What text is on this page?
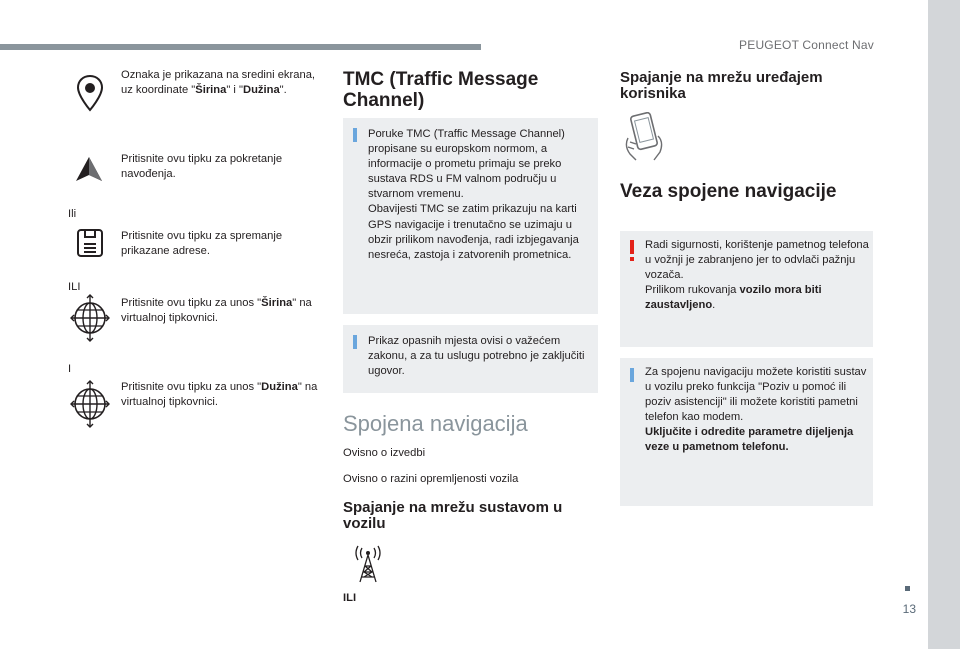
PEUGEOT Connect Nav
13
Oznaka je prikazana na sredini ekrana, uz koordinate "Širina" i "Dužina".
Pritisnite ovu tipku za pokretanje navođenja.
Ili
Pritisnite ovu tipku za spremanje prikazane adrese.
ILI
Pritisnite ovu tipku za unos "Širina" na virtualnoj tipkovnici.
I
Pritisnite ovu tipku za unos "Dužina" na virtualnoj tipkovnici.
TMC (Traffic Message Channel)
Poruke TMC (Traffic Message Channel) propisane su europskom normom, a informacije o prometu primaju se preko sustava RDS u FM valnom području u stvarnom vremenu.
Obavijesti TMC se zatim prikazuju na karti GPS navigacije i trenutačno se uzimaju u obzir prilikom navođenja, radi izbjegavanja nesreća, zastoja i zatvorenih prometnica.
Prikaz opasnih mjesta ovisi o važećem zakonu, a za tu uslugu potrebno je zaključiti ugovor.
Spojena navigacija
Ovisno o izvedbi
Ovisno o razini opremljenosti vozila
Spajanje na mrežu sustavom u vozilu
ILI
Spajanje na mrežu uređajem korisnika
Veza spojene navigacije
Radi sigurnosti, korištenje pametnog telefona u vožnji je zabranjeno jer to odvlači pažnju vozača.
Prilikom rukovanja vozilo mora biti zaustavljeno.
Za spojenu navigaciju možete koristiti sustav u vozilu preko funkcija "Poziv u pomoć ili poziv asistenciji" ili možete koristiti pametni telefon kao modem.
Uključite i odredite parametre dijeljenja veze u pametnom telefonu.
